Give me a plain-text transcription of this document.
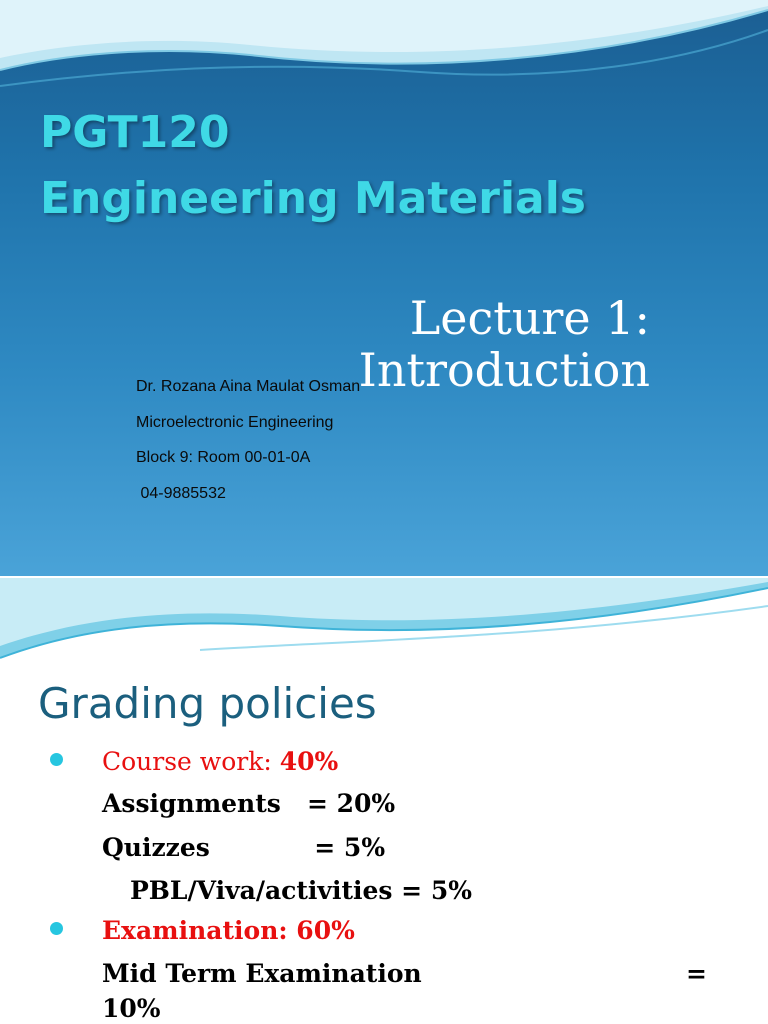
PGT120
Engineering Materials
Lecture 1:
Introduction
Dr. Rozana Aina Maulat Osman
Microelectronic Engineering
Block 9: Room 00-01-0A
04-9885532
Grading policies
Course work: 40%
Assignments   = 20%
Quizzes            = 5%
PBL/Viva/activities = 5%
Examination: 60%
Mid Term Examination	=
10%
